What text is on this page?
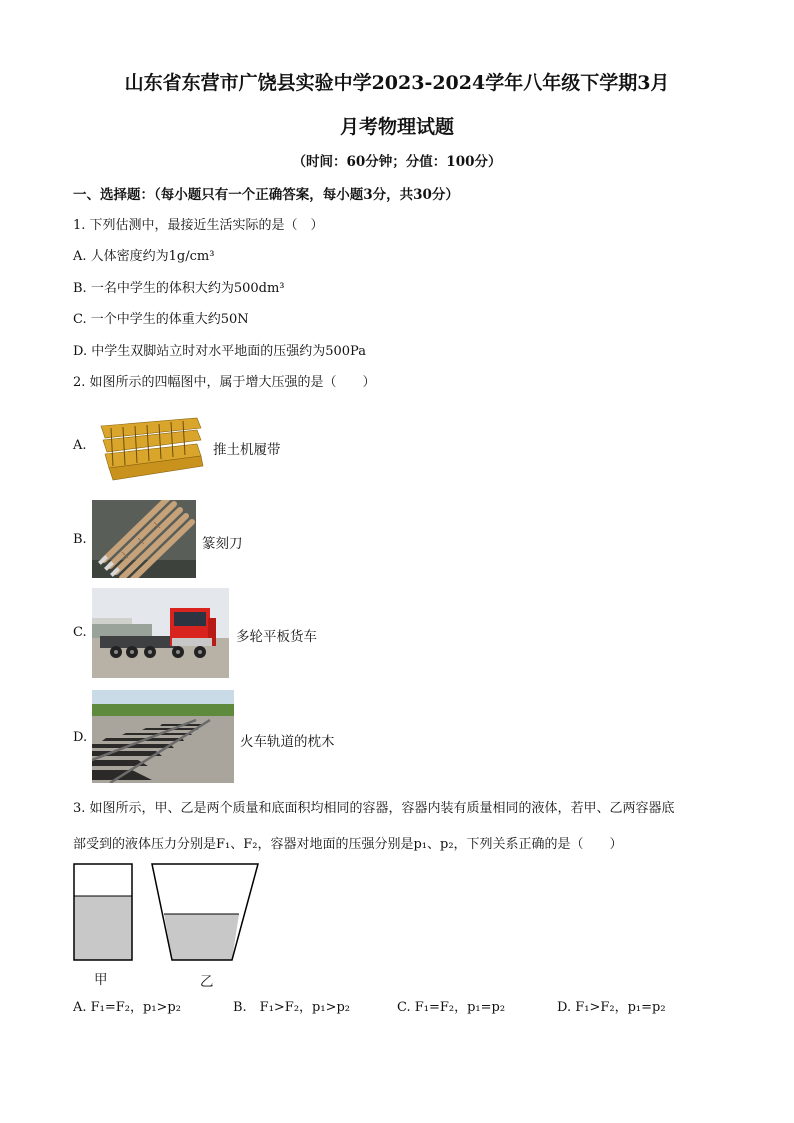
山东省东营市广饶县实验中学2023-2024学年八年级下学期3月
月考物理试题
（时间：60分钟；分值：100分）
一、选择题：（每小题只有一个正确答案，每小题3分，共30分）
1. 下列估测中，最接近生活实际的是（　）
A. 人体密度约为1g/cm³
B. 一名中学生的体积大约为500dm³
C. 一个中学生的体重大约50N
D. 中学生双脚站立时对水平地面的压强约为500Pa
2. 如图所示的四幅图中，属于增大压强的是（　　）
A.	推土机履带
B.	篆刻刀
C.	多轮平板货车
D.	火车轨道的枕木
3. 如图所示，甲、乙是两个质量和底面积均相同的容器，容器内装有质量相同的液体，若甲、乙两容器底
部受到的液体压力分别是F₁、F₂，容器对地面的压强分别是p₁、p₂，下列关系正确的是（　　）
甲	乙
A. F₁=F₂，p₁>p₂	B.　F₁>F₂，p₁>p₂	C. F₁=F₂，p₁=p₂	D. F₁>F₂，p₁=p₂
